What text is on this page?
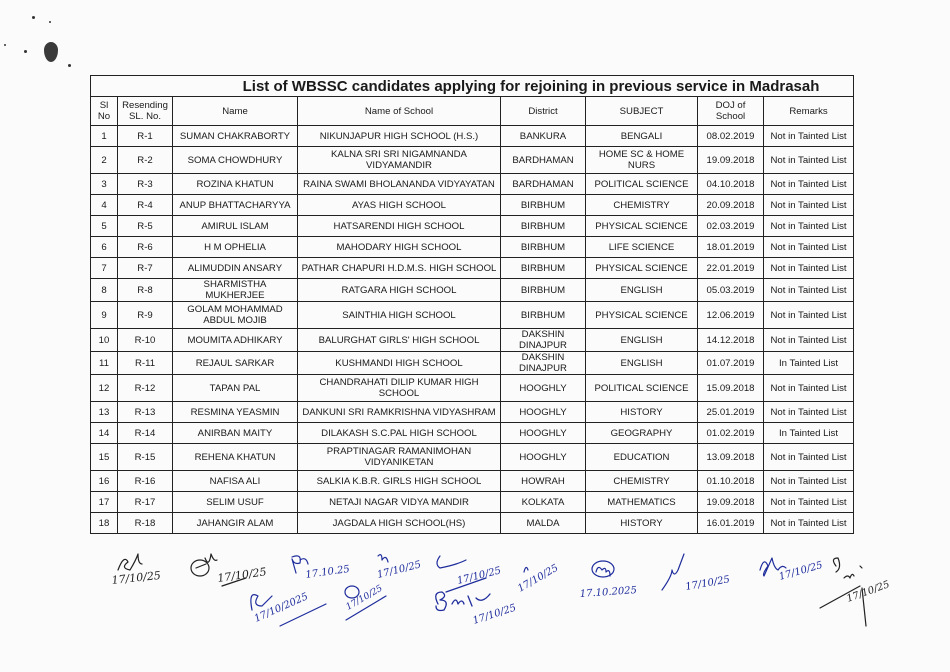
List of WBSSC candidates applying for rejoining in previous service in Madrasah							
Sl No	Resending SL. No.	Name	Name of School	District	SUBJECT	DOJ of School	Remarks
1	R-1	SUMAN CHAKRABORTY	NIKUNJAPUR HIGH SCHOOL (H.S.)	BANKURA	BENGALI	08.02.2019	Not in Tainted List
2	R-2	SOMA CHOWDHURY	KALNA SRI SRI NIGAMNANDA VIDYAMANDIR	BARDHAMAN	HOME SC & HOME NURS	19.09.2018	Not in Tainted List
3	R-3	ROZINA KHATUN	RAINA SWAMI BHOLANANDA VIDYAYATAN	BARDHAMAN	POLITICAL SCIENCE	04.10.2018	Not in Tainted List
4	R-4	ANUP BHATTACHARYYA	AYAS HIGH SCHOOL	BIRBHUM	CHEMISTRY	20.09.2018	Not in Tainted List
5	R-5	AMIRUL ISLAM	HATSARENDI HIGH SCHOOL	BIRBHUM	PHYSICAL SCIENCE	02.03.2019	Not in Tainted List
6	R-6	H M OPHELIA	MAHODARY HIGH SCHOOL	BIRBHUM	LIFE SCIENCE	18.01.2019	Not in Tainted List
7	R-7	ALIMUDDIN ANSARY	PATHAR CHAPURI H.D.M.S. HIGH SCHOOL	BIRBHUM	PHYSICAL SCIENCE	22.01.2019	Not in Tainted List
8	R-8	SHARMISTHA MUKHERJEE	RATGARA HIGH SCHOOL	BIRBHUM	ENGLISH	05.03.2019	Not in Tainted List
9	R-9	GOLAM MOHAMMAD ABDUL MOJIB	SAINTHIA HIGH SCHOOL	BIRBHUM	PHYSICAL SCIENCE	12.06.2019	Not in Tainted List
10	R-10	MOUMITA ADHIKARY	BALURGHAT GIRLS' HIGH SCHOOL	DAKSHIN DINAJPUR	ENGLISH	14.12.2018	Not in Tainted List
11	R-11	REJAUL SARKAR	KUSHMANDI HIGH SCHOOL	DAKSHIN DINAJPUR	ENGLISH	01.07.2019	In Tainted List
12	R-12	TAPAN PAL	CHANDRAHATI DILIP KUMAR HIGH SCHOOL	HOOGHLY	POLITICAL SCIENCE	15.09.2018	Not in Tainted List
13	R-13	RESMINA YEASMIN	DANKUNI SRI RAMKRISHNA VIDYASHRAM	HOOGHLY	HISTORY	25.01.2019	Not in Tainted List
14	R-14	ANIRBAN MAITY	DILAKASH S.C.PAL HIGH SCHOOL	HOOGHLY	GEOGRAPHY	01.02.2019	In Tainted List
15	R-15	REHENA KHATUN	PRAPTINAGAR RAMANIMOHAN VIDYANIKETAN	HOOGHLY	EDUCATION	13.09.2018	Not in Tainted List
16	R-16	NAFISA ALI	SALKIA K.B.R. GIRLS HIGH SCHOOL	HOWRAH	CHEMISTRY	01.10.2018	Not in Tainted List
17	R-17	SELIM USUF	NETAJI NAGAR VIDYA MANDIR	KOLKATA	MATHEMATICS	19.09.2018	Not in Tainted List
18	R-18	JAHANGIR ALAM	JAGDALA HIGH SCHOOL(HS)	MALDA	HISTORY	16.01.2019	Not in Tainted List
17/10/25	17/10/25	17.10.25	17/10/25	17/10/25
17/10/2025	17/10/25
17/10/25
17/10/25 17.10.2025	17/10/25
17/10/25
17/10/25
